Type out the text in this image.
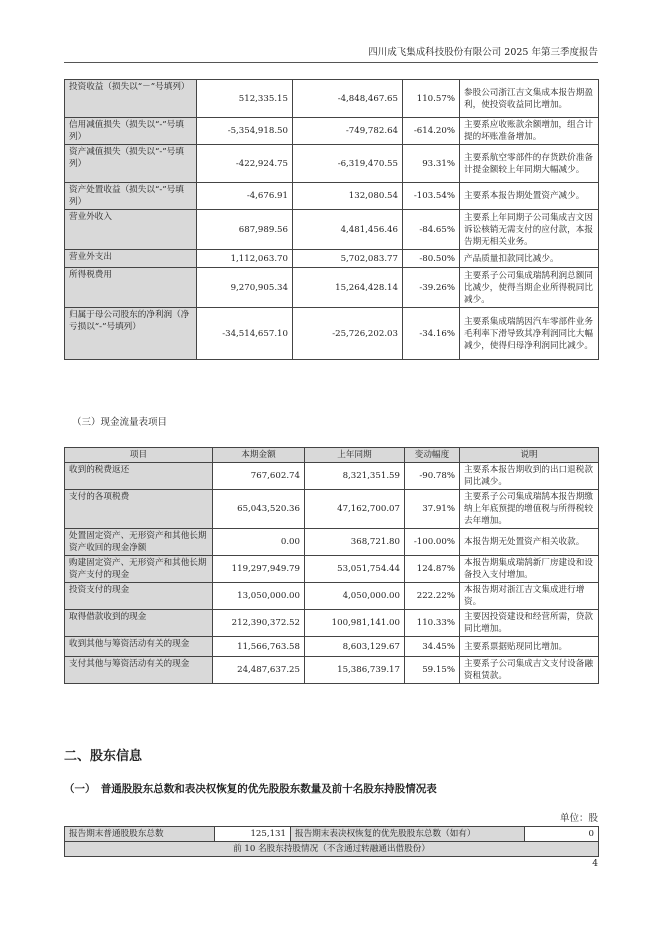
四川成飞集成科技股份有限公司 2025 年第三季度报告
投资收益（损失以“－”号填列）	512,335.15	-4,848,467.65	110.57%	参股公司浙江吉文集成本报告期盈利，使投资收益同比增加。
信用减值损失（损失以“-”号填列）	-5,354,918.50	-749,782.64	-614.20%	主要系应收账款余额增加，组合计提的坏账准备增加。
资产减值损失（损失以“-”号填列）	-422,924.75	-6,319,470.55	93.31%	主要系航空零部件的存货跌价准备计提金额较上年同期大幅减少。
资产处置收益（损失以“-”号填列）	-4,676.91	132,080.54	-103.54%	主要系本报告期处置资产减少。
营业外收入	687,989.56	4,481,456.46	-84.65%	主要系上年同期子公司集成吉文因诉讼核销无需支付的应付款，本报告期无相关业务。
营业外支出	1,112,063.70	5,702,083.77	-80.50%	产品质量扣款同比减少。
所得税费用	9,270,905.34	15,264,428.14	-39.26%	主要系子公司集成瑞鹄利润总额同比减少，使得当期企业所得税同比减少。
归属于母公司股东的净利润（净亏损以“-”号填列）	-34,514,657.10	-25,726,202.03	-34.16%	主要系集成瑞鹄因汽车零部件业务毛利率下滑导致其净利润同比大幅减少，使得归母净利润同比减少。
（三）现金流量表项目
项目	本期金额	上年同期	变动幅度	说明
收到的税费返还	767,602.74	8,321,351.59	-90.78%	主要系本报告期收到的出口退税款同比减少。
支付的各项税费	65,043,520.36	47,162,700.07	37.91%	主要系子公司集成瑞鹄本报告期缴纳上年底预提的增值税与所得税较去年增加。
处置固定资产、无形资产和其他长期资产收回的现金净额	0.00	368,721.80	-100.00%	本报告期无处置资产相关收款。
购建固定资产、无形资产和其他长期资产支付的现金	119,297,949.79	53,051,754.44	124.87%	本报告期集成瑞鹄新厂房建设和设备投入支付增加。
投资支付的现金	13,050,000.00	4,050,000.00	222.22%	本报告期对浙江吉文集成进行增资。
取得借款收到的现金	212,390,372.52	100,981,141.00	110.33%	主要因投资建设和经营所需，贷款同比增加。
收到其他与筹资活动有关的现金	11,566,763.58	8,603,129.67	34.45%	主要系票据贴现同比增加。
支付其他与筹资活动有关的现金	24,487,637.25	15,386,739.17	59.15%	主要系子公司集成吉文支付设备融资租赁款。
二、股东信息
（一）　普通股股东总数和表决权恢复的优先股股东数量及前十名股东持股情况表
单位：股
报告期末普通股股东总数	125,131	报告期末表决权恢复的优先股股东总数（如有）	0
前 10 名股东持股情况（不含通过转融通出借股份）
4
